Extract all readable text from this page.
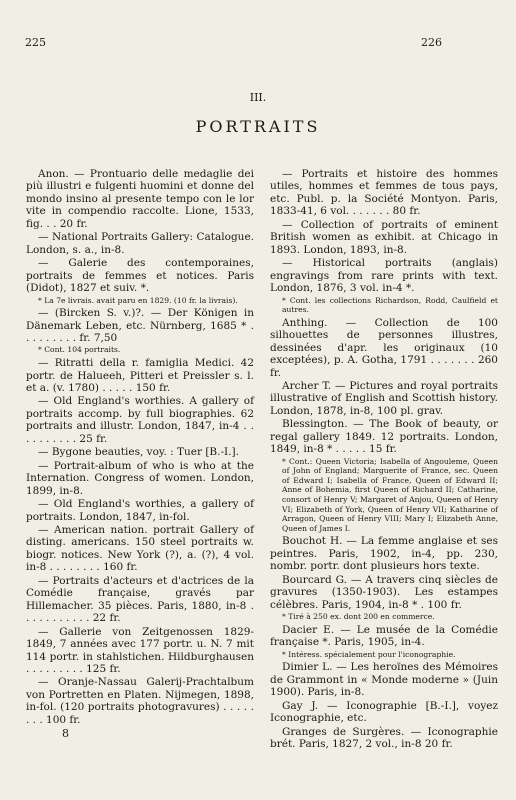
225	226
III.
PORTRAITS

Anon. — Prontuario delle medaglie dei più illustri e fulgenti huomini et donne del mondo insino al presente tempo con le lor vite in compendio raccolte. Lione, 1533, fig. . . 20 fr.

— National Portraits Gallery: Catalogue. London, s. a., in-8.

— Galerie des contemporaines, portraits de femmes et notices. Paris (Didot), 1827 et suiv. *.

* La 7e livrais. avait paru en 1829. (10 fr. la livrais).

— (Bircken S. v.)?. — Der Königen in Dänemark Leben, etc. Nürnberg, 1685 * . . . . . . . . . fr. 7,50

* Cont. 104 portraits.

— Ritratti della r. famiglia Medici. 42 portr. de Halueeh, Pitteri et Preissler s. l. et a. (v. 1780) . . . . . 150 fr.

— Old England's worthies. A gallery of portraits accomp. by full biographies. 62 portraits and illustr. London, 1847, in-4 . . . . . . . . . . 25 fr.

— Bygone beauties, voy. : Tuer [B.-I.].

— Portrait-album of who is who at the Internation. Congress of women. London, 1899, in-8.

— Old England's worthies, a gallery of portraits. London, 1847, in-fol.

— American nation. portrait Gallery of disting. americans. 150 steel portraits w. biogr. notices. New York (?), a. (?), 4 vol. in-8 . . . . . . . . 160 fr.

— Portraits d'acteurs et d'actrices de la Comédie française, gravés par Hillemacher. 35 pièces. Paris, 1880, in-8 . . . . . . . . . . . 22 fr.

— Gallerie von Zeitgenossen 1829-1849, 7 années avec 177 portr. u. N. 7 mit 114 portr. in stahlstichen. Hildburghausen . . . . . . . . . 125 fr.

— Oranje-Nassau Galerij-Prachtalbum von Portretten en Platen. Nijmegen, 1898, in-fol. (120 portraits photogravures) . . . . . . . . 100 fr.

8

— Portraits et histoire des hommes utiles, hommes et femmes de tous pays, etc. Publ. p. la Société Montyon. Paris, 1833-41, 6 vol. . . . . . . 80 fr.

— Collection of portraits of eminent British women as exhibit. at Chicago in 1893. London, 1893, in-8.

— Historical portraits (anglais) engravings from rare prints with text. London, 1876, 3 vol. in-4 *.

* Cont. les collections Richardson, Rodd, Caulfield et autres.

Anthing. — Collection de 100 silhouettes de personnes illustres, dessinées d'apr. les originaux (10 exceptées), p. A. Gotha, 1791 . . . . . . . 260 fr.

Archer T. — Pictures and royal portraits illustrative of English and Scottish history. London, 1878, in-8, 100 pl. grav.

Blessington. — The Book of beauty, or regal gallery 1849. 12 portraits. London, 1849, in-8 * . . . . . 15 fr.

* Cont.: Queen Victoria; Isabella of Angouleme, Queen of John of England; Marguerite of France, sec. Queen of Edward I; Isabella of France, Queen of Edward II; Anne of Bohemia, first Queen of Richard II; Catharine, consort of Henry V; Margaret of Anjou, Queen of Henry VI; Elizabeth of York, Queen of Henry VII; Katharine of Arragon, Queen of Henry VIII; Mary I; Elizabeth Anne, Queen of James I.

Bouchot H. — La femme anglaise et ses peintres. Paris, 1902, in-4, pp. 230, nombr. portr. dont plusieurs hors texte.

Bourcard G. — A travers cinq siècles de gravures (1350-1903). Les estampes célèbres. Paris, 1904, in-8 * . 100 fr.

* Tiré à 250 ex. dont 200 en commerce.

Dacier E. — Le musée de la Comédie française *. Paris, 1905, in-4.

* Intéress. spécialement pour l'iconographie.

Dimier L. — Les heroïnes des Mémoires de Grammont in « Monde moderne » (Juin 1900). Paris, in-8.

Gay J. — Iconographie [B.-I.], voyez Iconographie, etc.

Granges de Surgères. — Iconographie brét. Paris, 1827, 2 vol., in-8 20 fr.
